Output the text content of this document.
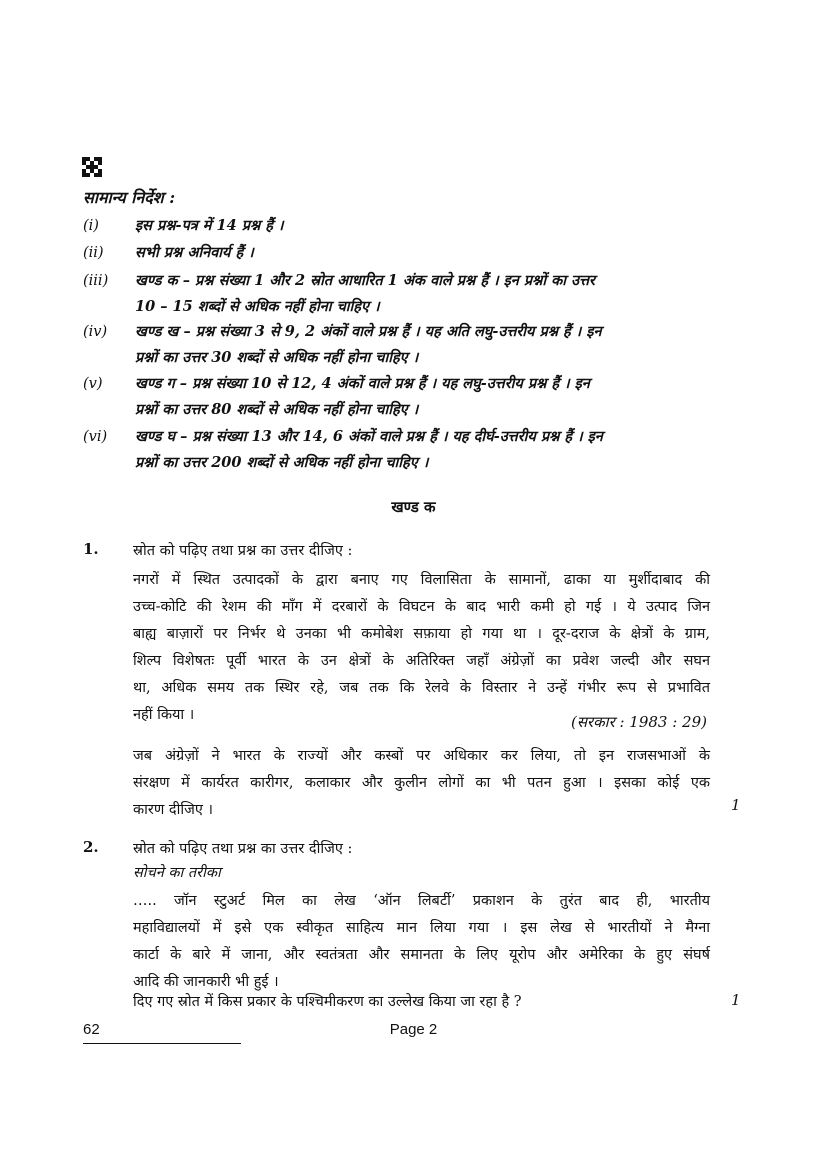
सामान्य निर्देश :
(i) इस प्रश्न-पत्र में 14 प्रश्न हैं ।
(ii) सभी प्रश्न अनिवार्य हैं ।
(iii) खण्ड क – प्रश्न संख्या 1 और 2 स्रोत आधारित 1 अंक वाले प्रश्न हैं । इन प्रश्नों का उत्तर
10 – 15 शब्दों से अधिक नहीं होना चाहिए ।
(iv) खण्ड ख – प्रश्न संख्या 3 से 9, 2 अंकों वाले प्रश्न हैं । यह अति लघु-उत्तरीय प्रश्न हैं । इन
प्रश्नों का उत्तर 30 शब्दों से अधिक नहीं होना चाहिए ।
(v) खण्ड ग – प्रश्न संख्या 10 से 12, 4 अंकों वाले प्रश्न हैं । यह लघु-उत्तरीय प्रश्न हैं । इन
प्रश्नों का उत्तर 80 शब्दों से अधिक नहीं होना चाहिए ।
(vi) खण्ड घ – प्रश्न संख्या 13 और 14, 6 अंकों वाले प्रश्न हैं । यह दीर्घ-उत्तरीय प्रश्न हैं । इन
प्रश्नों का उत्तर 200 शब्दों से अधिक नहीं होना चाहिए ।
खण्ड क
1. स्रोत को पढ़िए तथा प्रश्न का उत्तर दीजिए :
नगरों में स्थित उत्पादकों के द्वारा बनाए गए विलासिता के सामानों, ढाका या मुर्शीदाबाद की
उच्च-कोटि की रेशम की माँग में दरबारों के विघटन के बाद भारी कमी हो गई । ये उत्पाद जिन
बाह्य बाज़ारों पर निर्भर थे उनका भी कमोबेश सफ़ाया हो गया था । दूर-दराज के क्षेत्रों के ग्राम,
शिल्प विशेषतः पूर्वी भारत के उन क्षेत्रों के अतिरिक्त जहाँ अंग्रेज़ों का प्रवेश जल्दी और सघन
था, अधिक समय तक स्थिर रहे, जब तक कि रेलवे के विस्तार ने उन्हें गंभीर रूप से प्रभावित
नहीं किया ।	(सरकार : 1983 : 29)
जब अंग्रेज़ों ने भारत के राज्यों और कस्बों पर अधिकार कर लिया, तो इन राजसभाओं के
संरक्षण में कार्यरत कारीगर, कलाकार और कुलीन लोगों का भी पतन हुआ । इसका कोई एक
कारण दीजिए ।	1
2. स्रोत को पढ़िए तथा प्रश्न का उत्तर दीजिए :
सोचने का तरीका
….. जॉन स्टुअर्ट मिल का लेख ‘ऑन लिबर्टी’ प्रकाशन के तुरंत बाद ही, भारतीय
महाविद्यालयों में इसे एक स्वीकृत साहित्य मान लिया गया । इस लेख से भारतीयों ने मैग्ना
कार्टा के बारे में जाना, और स्वतंत्रता और समानता के लिए यूरोप और अमेरिका के हुए संघर्ष
आदि की जानकारी भी हुई ।
दिए गए स्रोत में किस प्रकार के पश्चिमीकरण का उल्लेख किया जा रहा है ?	1
62	Page 2
